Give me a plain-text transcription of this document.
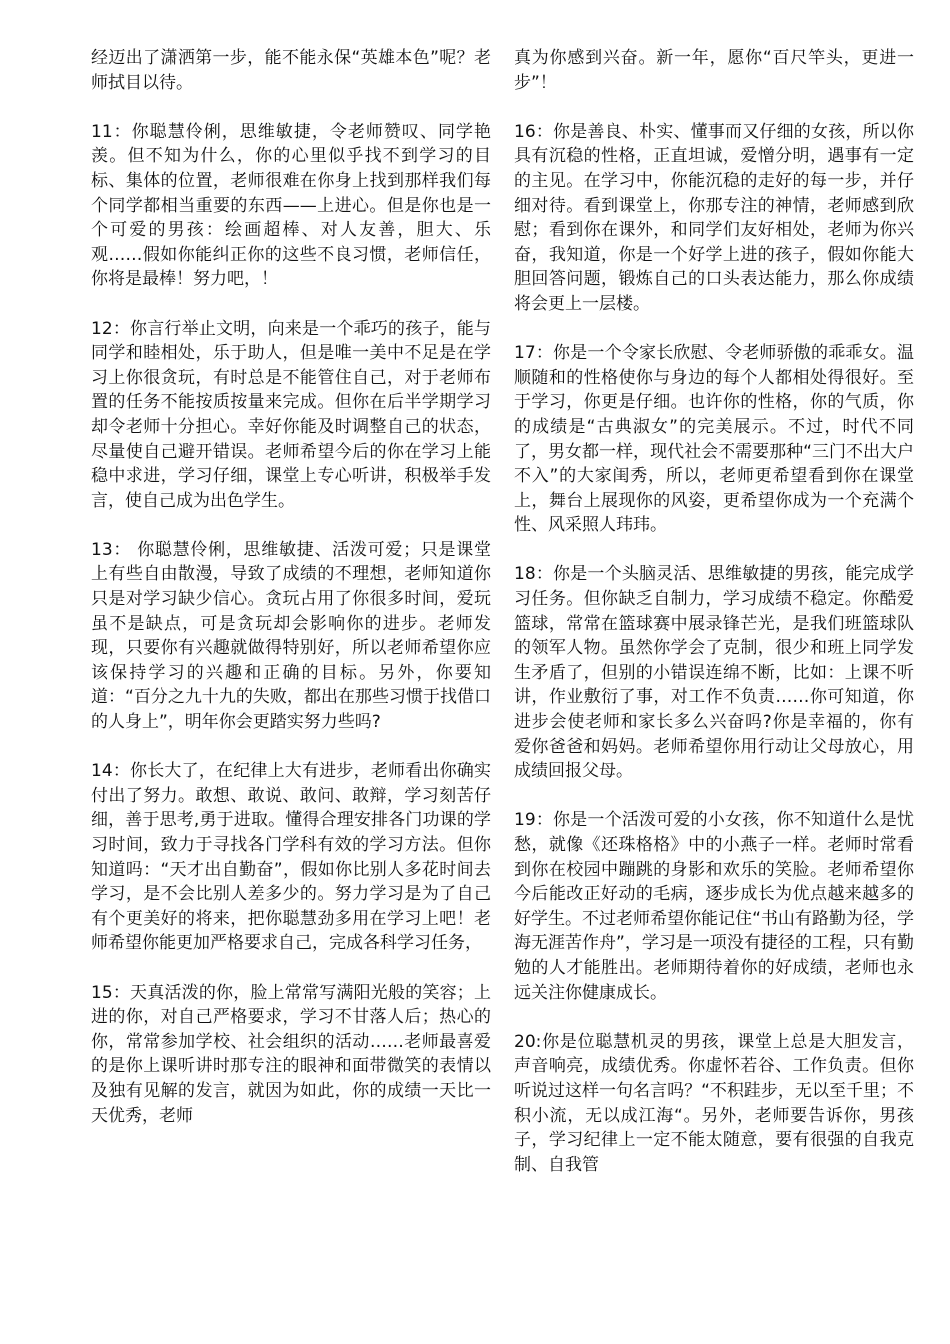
经迈出了潇洒第一步，能不能永保“英雄本色”呢？老师拭目以待。

11：你聪慧伶俐，思维敏捷，令老师赞叹、同学艳羡。但不知为什么，你的心里似乎找不到学习的目标、集体的位置，老师很难在你身上找到那样我们每个同学都相当重要的东西——上进心。但是你也是一个可爱的男孩：绘画超棒、对人友善，胆大、乐观……假如你能纠正你的这些不良习惯，老师信任，你将是最棒！努力吧，！

12：你言行举止文明，向来是一个乖巧的孩子，能与同学和睦相处，乐于助人，但是唯一美中不足是在学习上你很贪玩，有时总是不能管住自己，对于老师布置的任务不能按质按量来完成。但你在后半学期学习却令老师十分担心。幸好你能及时调整自己的状态，尽量使自己避开错误。老师希望今后的你在学习上能稳中求进，学习仔细，课堂上专心听讲，积极举手发言，使自己成为出色学生。

13： 你聪慧伶俐，思维敏捷、活泼可爱；只是课堂上有些自由散漫，导致了成绩的不理想，老师知道你只是对学习缺少信心。贪玩占用了你很多时间，爱玩虽不是缺点，可是贪玩却会影响你的进步。老师发现，只要你有兴趣就做得特别好，所以老师希望你应该保持学习的兴趣和正确的目标。另外，你要知道：“百分之九十九的失败，都出在那些习惯于找借口的人身上”，明年你会更踏实努力些吗?

14：你长大了，在纪律上大有进步，老师看出你确实付出了努力。敢想、敢说、敢问、敢辩，学习刻苦仔细，善于思考,勇于进取。懂得合理安排各门功课的学习时间，致力于寻找各门学科有效的学习方法。但你知道吗：“天才出自勤奋”，假如你比别人多花时间去学习，是不会比别人差多少的。努力学习是为了自己有个更美好的将来，把你聪慧劲多用在学习上吧！老师希望你能更加严格要求自己，完成各科学习任务，

15：天真活泼的你，脸上常常写满阳光般的笑容；上进的你，对自己严格要求，学习不甘落人后；热心的你，常常参加学校、社会组织的活动……老师最喜爱的是你上课听讲时那专注的眼神和面带微笑的表情以及独有见解的发言，就因为如此，你的成绩一天比一天优秀，老师

真为你感到兴奋。新一年，愿你“百尺竿头，更进一步”！

16：你是善良、朴实、懂事而又仔细的女孩，所以你具有沉稳的性格，正直坦诚，爱憎分明，遇事有一定的主见。在学习中，你能沉稳的走好的每一步，并仔细对待。看到课堂上，你那专注的神情，老师感到欣慰；看到你在课外，和同学们友好相处，老师为你兴奋，我知道，你是一个好学上进的孩子，假如你能大胆回答问题，锻炼自己的口头表达能力，那么你成绩将会更上一层楼。

17：你是一个令家长欣慰、令老师骄傲的乖乖女。温顺随和的性格使你与身边的每个人都相处得很好。至于学习，你更是仔细。也许你的性格，你的气质，你的成绩是“古典淑女”的完美展示。不过，时代不同了，男女都一样，现代社会不需要那种“三门不出大户不入”的大家闺秀，所以，老师更希望看到你在课堂上，舞台上展现你的风姿，更希望你成为一个充满个性、风采照人玮玮。

18：你是一个头脑灵活、思维敏捷的男孩，能完成学习任务。但你缺乏自制力，学习成绩不稳定。你酷爱篮球，常常在篮球赛中展录锋芒光，是我们班篮球队的领军人物。虽然你学会了克制，很少和班上同学发生矛盾了，但别的小错误连绵不断，比如：上课不听讲，作业敷衍了事，对工作不负责……你可知道，你进步会使老师和家长多么兴奋吗?你是幸福的，你有爱你爸爸和妈妈。老师希望你用行动让父母放心，用成绩回报父母。

19：你是一个活泼可爱的小女孩，你不知道什么是忧愁，就像《还珠格格》中的小燕子一样。老师时常看到你在校园中蹦跳的身影和欢乐的笑脸。老师希望你今后能改正好动的毛病，逐步成长为优点越来越多的好学生。不过老师希望你能记住“书山有路勤为径，学海无涯苦作舟”，学习是一项没有捷径的工程，只有勤勉的人才能胜出。老师期待着你的好成绩，老师也永远关注你健康成长。

20:你是位聪慧机灵的男孩，课堂上总是大胆发言，声音响亮，成绩优秀。你虚怀若谷、工作负责。但你听说过这样一句名言吗？“不积跬步，无以至千里；不积小流，无以成江海“。另外，老师要告诉你，男孩子，学习纪律上一定不能太随意，要有很强的自我克制、自我管
